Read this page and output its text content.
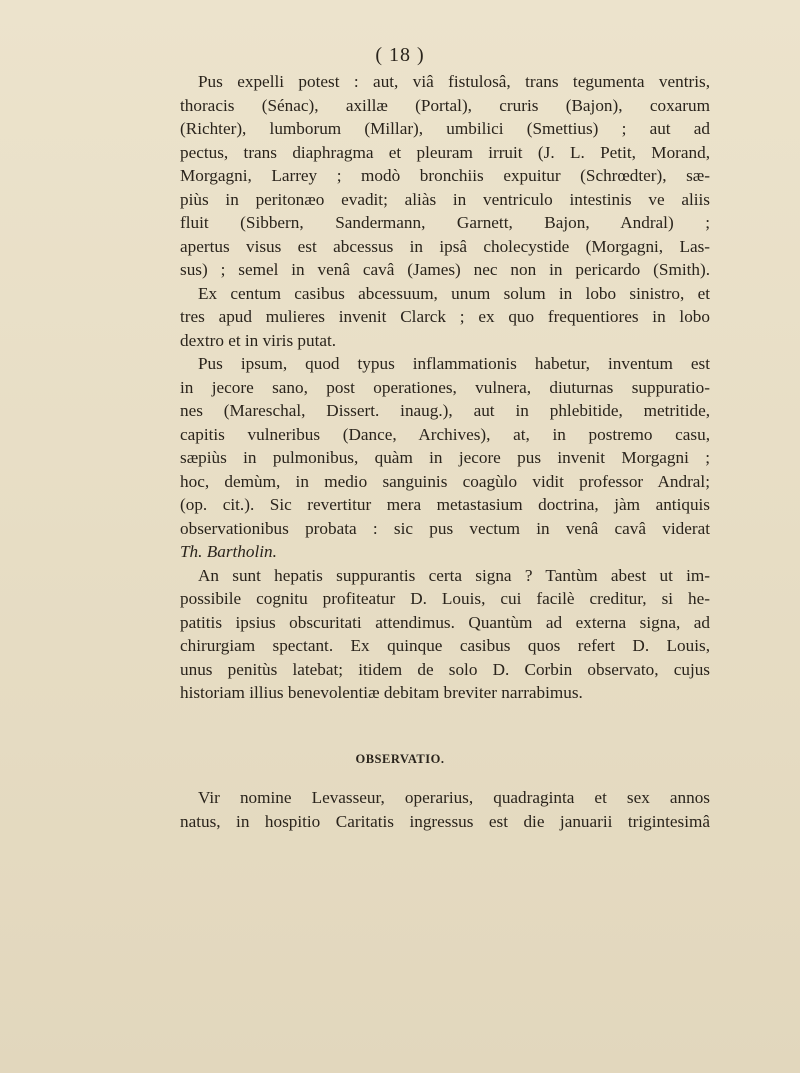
( 18 )
Pus expelli potest : aut, viâ fistulosâ, trans tegumenta ventris,
thoracis (Sénac), axillæ (Portal), cruris (Bajon), coxarum
(Richter), lumborum (Millar), umbilici (Smettius) ; aut ad
pectus, trans diaphragma et pleuram irruit (J. L. Petit, Morand,
Morgagni, Larrey ; modò bronchiis expuitur (Schrœdter), sæ-
piùs in peritonæo evadit; aliàs in ventriculo intestinis ve aliis
fluit (Sibbern, Sandermann, Garnett, Bajon, Andral) ;
apertus visus est abcessus in ipsâ cholecystide (Morgagni, Las-
sus) ; semel in venâ cavâ (James) nec non in pericardo (Smith).
Ex centum casibus abcessuum, unum solum in lobo sinistro, et
tres apud mulieres invenit Clarck ; ex quo frequentiores in lobo
dextro et in viris putat.
Pus ipsum, quod typus inflammationis habetur, inventum est
in jecore sano, post operationes, vulnera, diuturnas suppuratio-
nes (Mareschal, Dissert. inaug.), aut in phlebitide, metritide,
capitis vulneribus (Dance, Archives), at, in postremo casu,
sæpiùs in pulmonibus, quàm in jecore pus invenit Morgagni ;
hoc, demùm, in medio sanguinis coagùlo vidit professor Andral;
(op. cit.). Sic revertitur mera metastasium doctrina, jàm antiquis
observationibus probata : sic pus vectum in venâ cavâ viderat
Th. Bartholin.
An sunt hepatis suppurantis certa signa ? Tantùm abest ut im-
possibile cognitu profiteatur D. Louis, cui facilè creditur, si he-
patitis ipsius obscuritati attendimus. Quantùm ad externa signa, ad
chirurgiam spectant. Ex quinque casibus quos refert D. Louis,
unus penitùs latebat; itidem de solo D. Corbin observato, cujus
historiam illius benevolentiæ debitam breviter narrabimus.
OBSERVATIO.
Vir nomine Levasseur, operarius, quadraginta et sex annos
natus, in hospitio Caritatis ingressus est die januarii trigintesimâ
